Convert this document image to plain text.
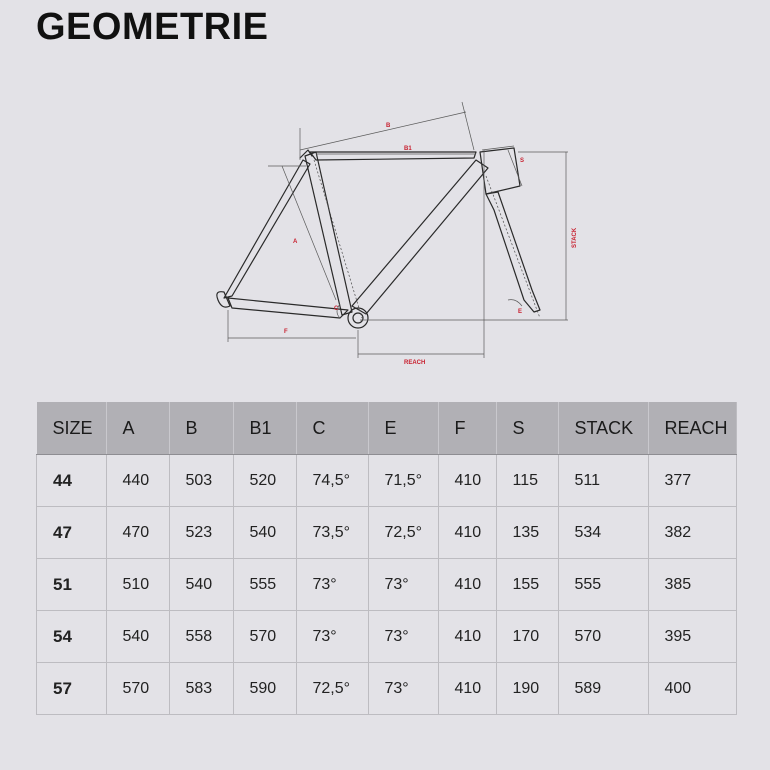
GEOMETRIE
B
B1
A
C
S
E
F
REACH
STACK
SIZE	A	B	B1	C	E	F	S	STACK	REACH
44	440	503	520	74,5°	71,5°	410	115	511	377
47	470	523	540	73,5°	72,5°	410	135	534	382
51	510	540	555	73°	73°	410	155	555	385
54	540	558	570	73°	73°	410	170	570	395
57	570	583	590	72,5°	73°	410	190	589	400
